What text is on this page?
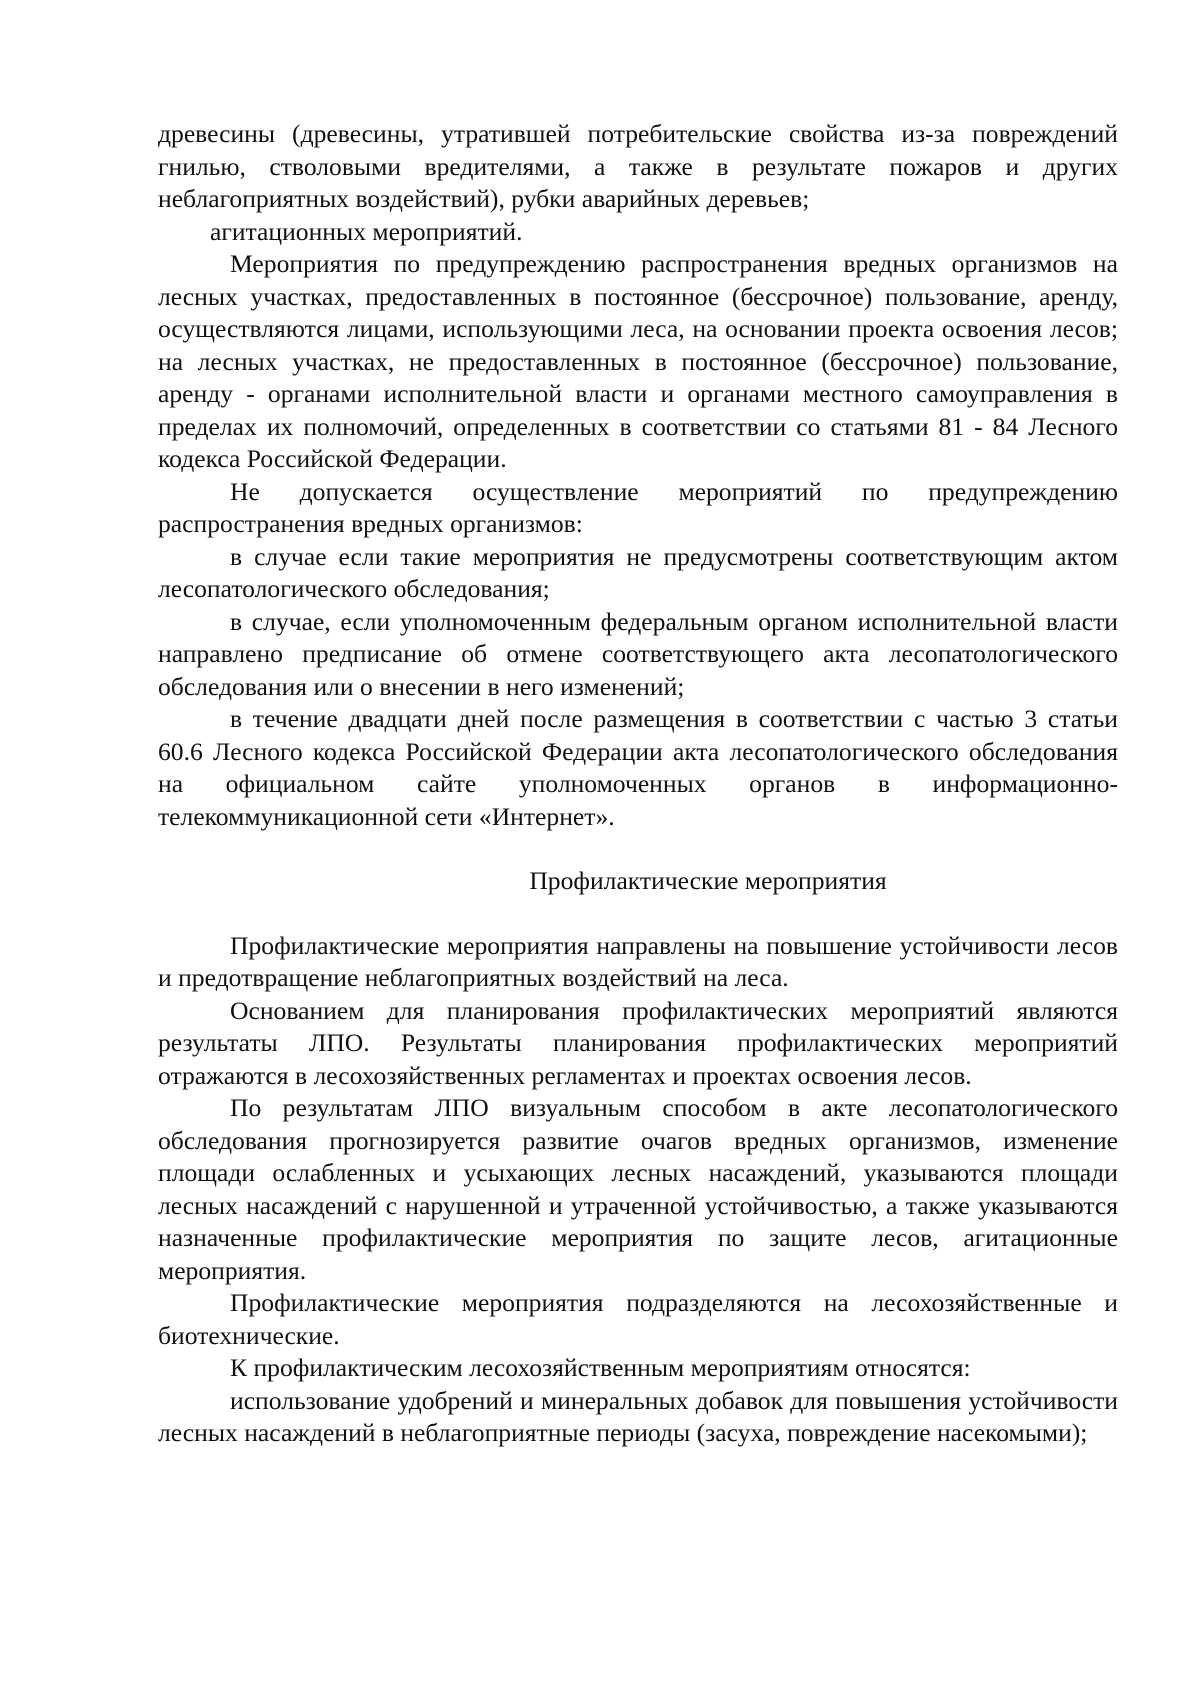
древесины (древесины, утратившей потребительские свойства из-за повреждений гнилью, стволовыми вредителями, а также в результате пожаров и других неблагоприятных воздействий), рубки аварийных деревьев;

агитационных мероприятий.

Мероприятия по предупреждению распространения вредных организмов на лесных участках, предоставленных в постоянное (бессрочное) пользование, аренду, осуществляются лицами, использующими леса, на основании проекта освоения лесов; на лесных участках, не предоставленных в постоянное (бессрочное) пользование, аренду - органами исполнительной власти и органами местного самоуправления в пределах их полномочий, определенных в соответствии со статьями 81 - 84 Лесного кодекса Российской Федерации.

Не допускается осуществление мероприятий по предупреждению распространения вредных организмов:

в случае если такие мероприятия не предусмотрены соответствующим актом лесопатологического обследования;

в случае, если уполномоченным федеральным органом исполнительной власти направлено предписание об отмене соответствующего акта лесопатологического обследования или о внесении в него изменений;

в течение двадцати дней после размещения в соответствии с частью 3 статьи 60.6 Лесного кодекса Российской Федерации акта лесопатологического обследования на официальном сайте уполномоченных органов в информационно-телекоммуникационной сети «Интернет».

Профилактические мероприятия

Профилактические мероприятия направлены на повышение устойчивости лесов и предотвращение неблагоприятных воздействий на леса.

Основанием для планирования профилактических мероприятий являются результаты ЛПО. Результаты планирования профилактических мероприятий отражаются в лесохозяйственных регламентах и проектах освоения лесов.

По результатам ЛПО визуальным способом в акте лесопатологического обследования прогнозируется развитие очагов вредных организмов, изменение площади ослабленных и усыхающих лесных насаждений, указываются площади лесных насаждений с нарушенной и утраченной устойчивостью, а также указываются назначенные профилактические мероприятия по защите лесов, агитационные мероприятия.

Профилактические мероприятия подразделяются на лесохозяйственные и биотехнические.

К профилактическим лесохозяйственным мероприятиям относятся:

использование удобрений и минеральных добавок для повышения устойчивости лесных насаждений в неблагоприятные периоды (засуха, повреждение насекомыми);
